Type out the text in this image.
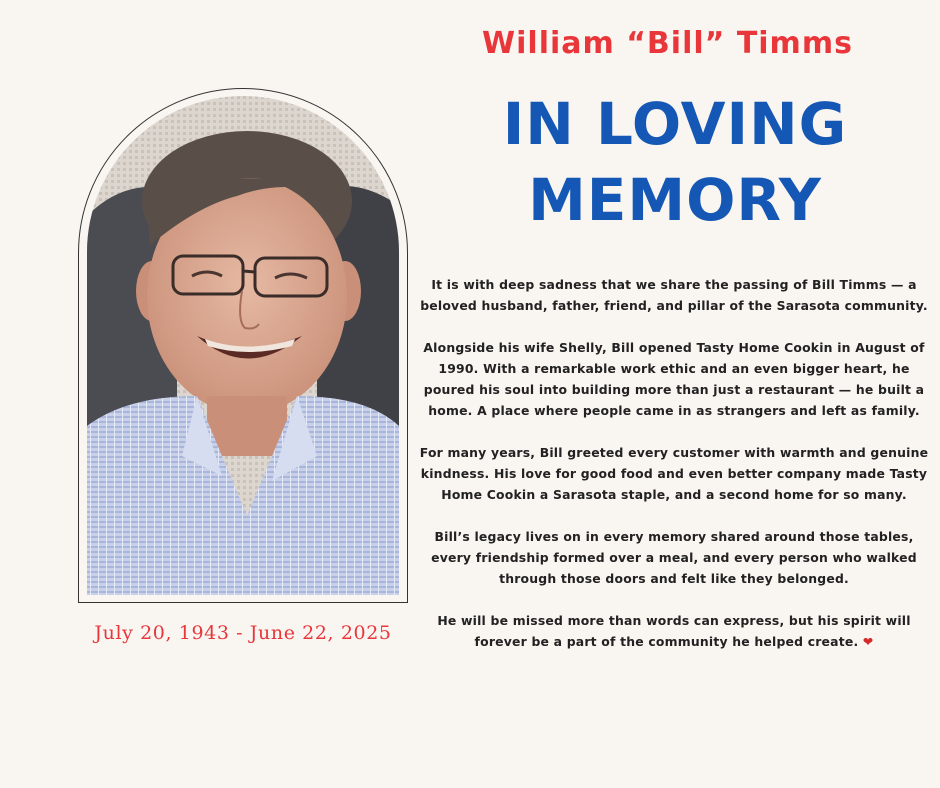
William “Bill” Timms
IN LOVING
MEMORY

It is with deep sadness that we share the passing of Bill Timms — a beloved husband, father, friend, and pillar of the Sarasota community.

Alongside his wife Shelly, Bill opened Tasty Home Cookin in August of 1990. With a remarkable work ethic and an even bigger heart, he poured his soul into building more than just a restaurant — he built a home. A place where people came in as strangers and left as family.

For many years, Bill greeted every customer with warmth and genuine kindness. His love for good food and even better company made Tasty Home Cookin a Sarasota staple, and a second home for so many.

Bill’s legacy lives on in every memory shared around those tables, every friendship formed over a meal, and every person who walked through those doors and felt like they belonged.

He will be missed more than words can express, but his spirit will forever be a part of the community he helped create. ❤

July 20, 1943 - June 22, 2025
